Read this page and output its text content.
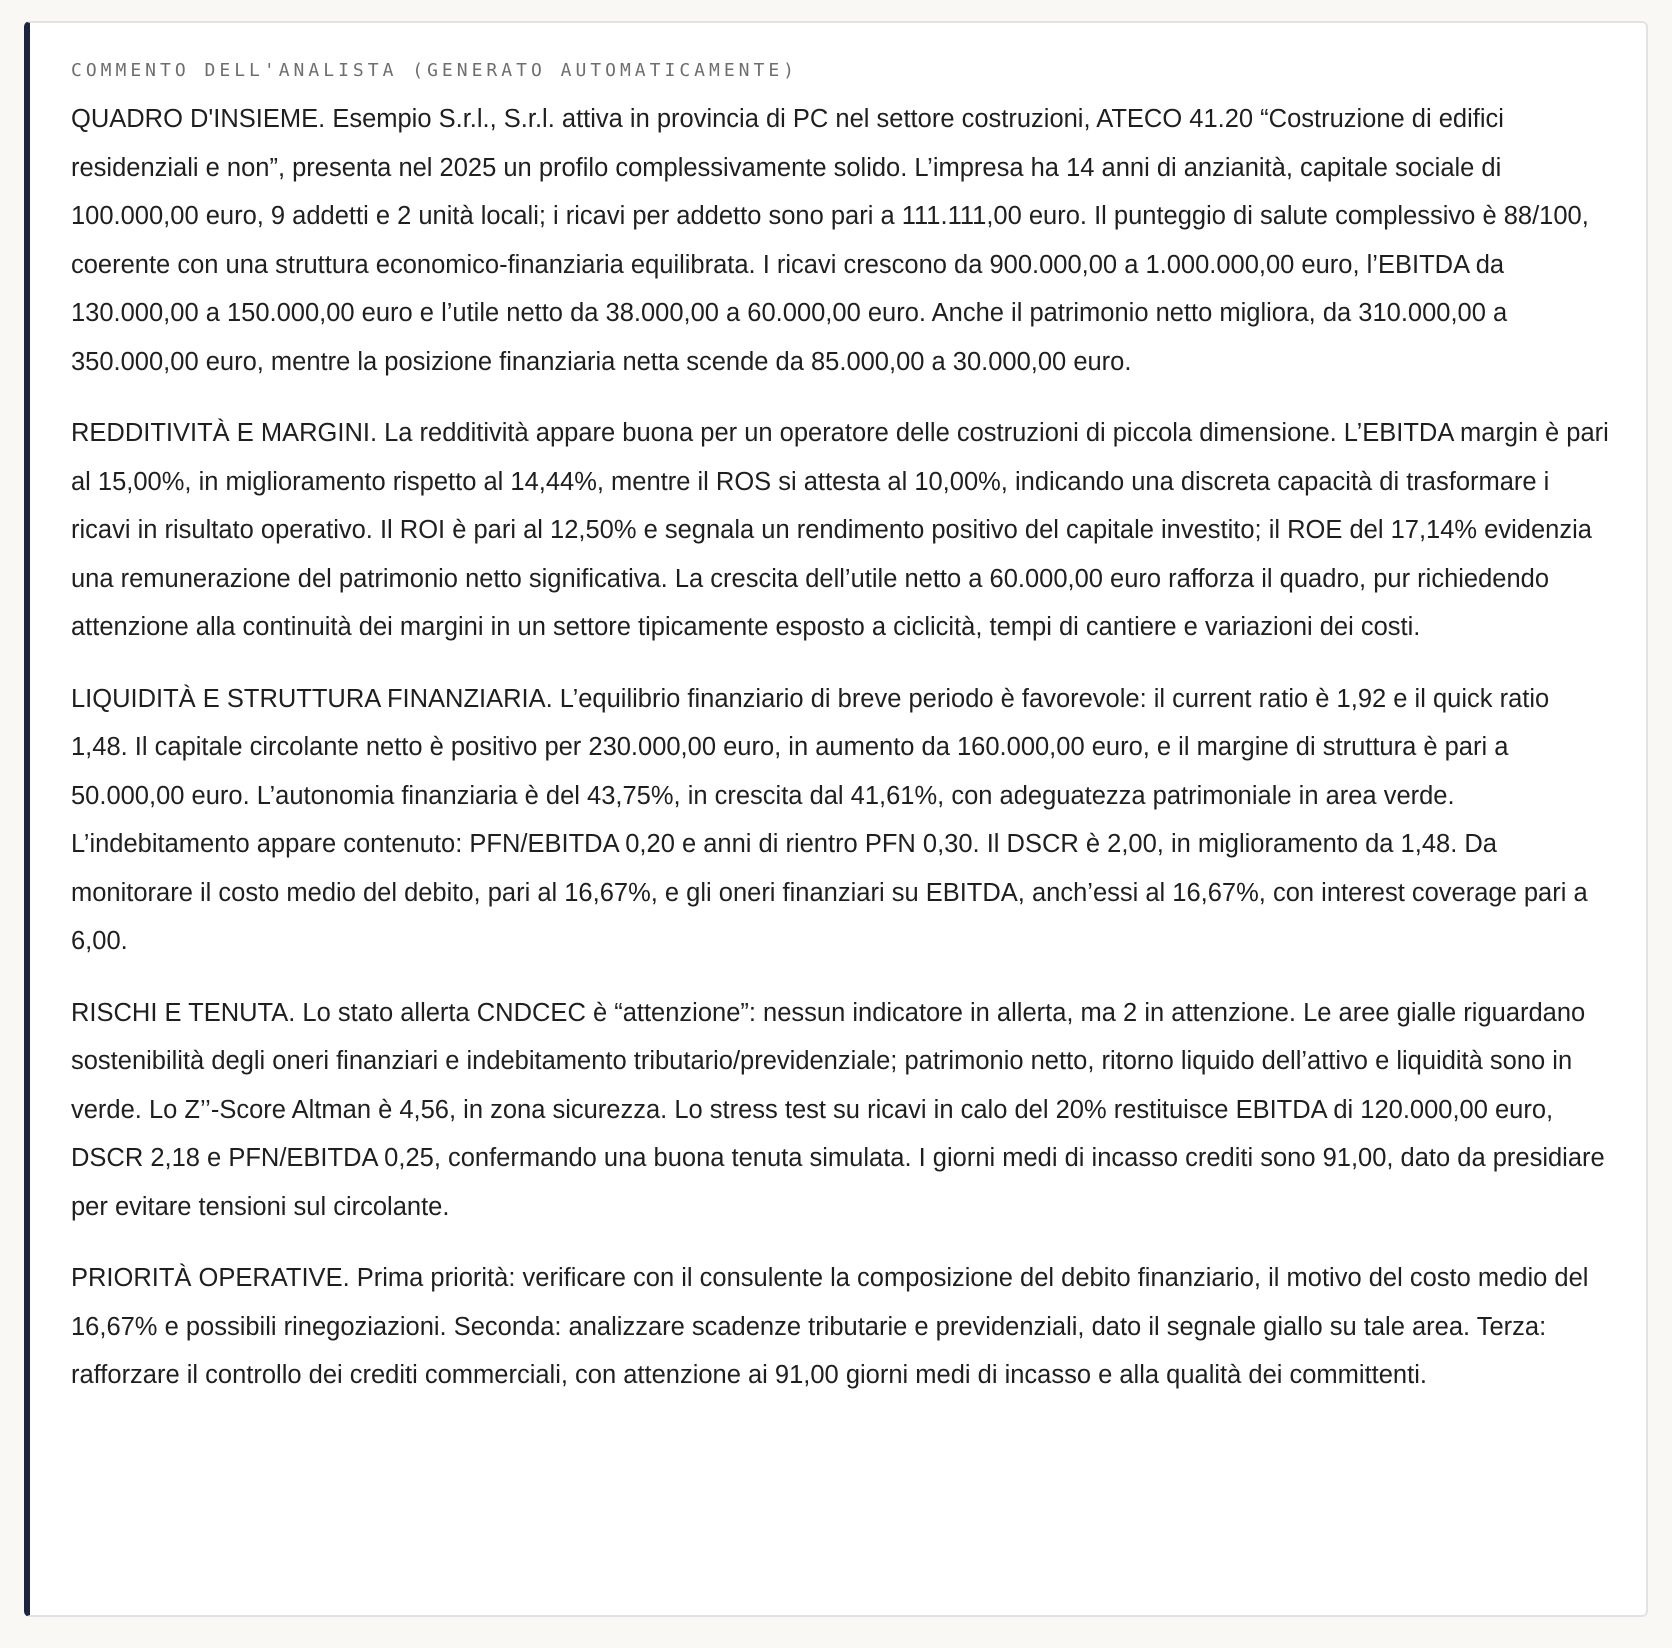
COMMENTO DELL'ANALISTA (GENERATO AUTOMATICAMENTE)

QUADRO D'INSIEME. Esempio S.r.l., S.r.l. attiva in provincia di PC nel settore costruzioni, ATECO 41.20 “Costruzione di edifici residenziali e non”, presenta nel 2025 un profilo complessivamente solido. L’impresa ha 14 anni di anzianità, capitale sociale di 100.000,00 euro, 9 addetti e 2 unità locali; i ricavi per addetto sono pari a 111.111,00 euro. Il punteggio di salute complessivo è 88/100, coerente con una struttura economico-finanziaria equilibrata. I ricavi crescono da 900.000,00 a 1.000.000,00 euro, l’EBITDA da 130.000,00 a 150.000,00 euro e l’utile netto da 38.000,00 a 60.000,00 euro. Anche il patrimonio netto migliora, da 310.000,00 a 350.000,00 euro, mentre la posizione finanziaria netta scende da 85.000,00 a 30.000,00 euro.

REDDITIVITÀ E MARGINI. La redditività appare buona per un operatore delle costruzioni di piccola dimensione. L’EBITDA margin è pari al 15,00%, in miglioramento rispetto al 14,44%, mentre il ROS si attesta al 10,00%, indicando una discreta capacità di trasformare i ricavi in risultato operativo. Il ROI è pari al 12,50% e segnala un rendimento positivo del capitale investito; il ROE del 17,14% evidenzia una remunerazione del patrimonio netto significativa. La crescita dell’utile netto a 60.000,00 euro rafforza il quadro, pur richiedendo attenzione alla continuità dei margini in un settore tipicamente esposto a ciclicità, tempi di cantiere e variazioni dei costi.

LIQUIDITÀ E STRUTTURA FINANZIARIA. L’equilibrio finanziario di breve periodo è favorevole: il current ratio è 1,92 e il quick ratio 1,48. Il capitale circolante netto è positivo per 230.000,00 euro, in aumento da 160.000,00 euro, e il margine di struttura è pari a 50.000,00 euro. L’autonomia finanziaria è del 43,75%, in crescita dal 41,61%, con adeguatezza patrimoniale in area verde. L’indebitamento appare contenuto: PFN/EBITDA 0,20 e anni di rientro PFN 0,30. Il DSCR è 2,00, in miglioramento da 1,48. Da monitorare il costo medio del debito, pari al 16,67%, e gli oneri finanziari su EBITDA, anch’essi al 16,67%, con interest coverage pari a 6,00.

RISCHI E TENUTA. Lo stato allerta CNDCEC è “attenzione”: nessun indicatore in allerta, ma 2 in attenzione. Le aree gialle riguardano sostenibilità degli oneri finanziari e indebitamento tributario/previdenziale; patrimonio netto, ritorno liquido dell’attivo e liquidità sono in verde. Lo Z’’-Score Altman è 4,56, in zona sicurezza. Lo stress test su ricavi in calo del 20% restituisce EBITDA di 120.000,00 euro, DSCR 2,18 e PFN/EBITDA 0,25, confermando una buona tenuta simulata. I giorni medi di incasso crediti sono 91,00, dato da presidiare per evitare tensioni sul circolante.

PRIORITÀ OPERATIVE. Prima priorità: verificare con il consulente la composizione del debito finanziario, il motivo del costo medio del 16,67% e possibili rinegoziazioni. Seconda: analizzare scadenze tributarie e previdenziali, dato il segnale giallo su tale area. Terza: rafforzare il controllo dei crediti commerciali, con attenzione ai 91,00 giorni medi di incasso e alla qualità dei committenti.
